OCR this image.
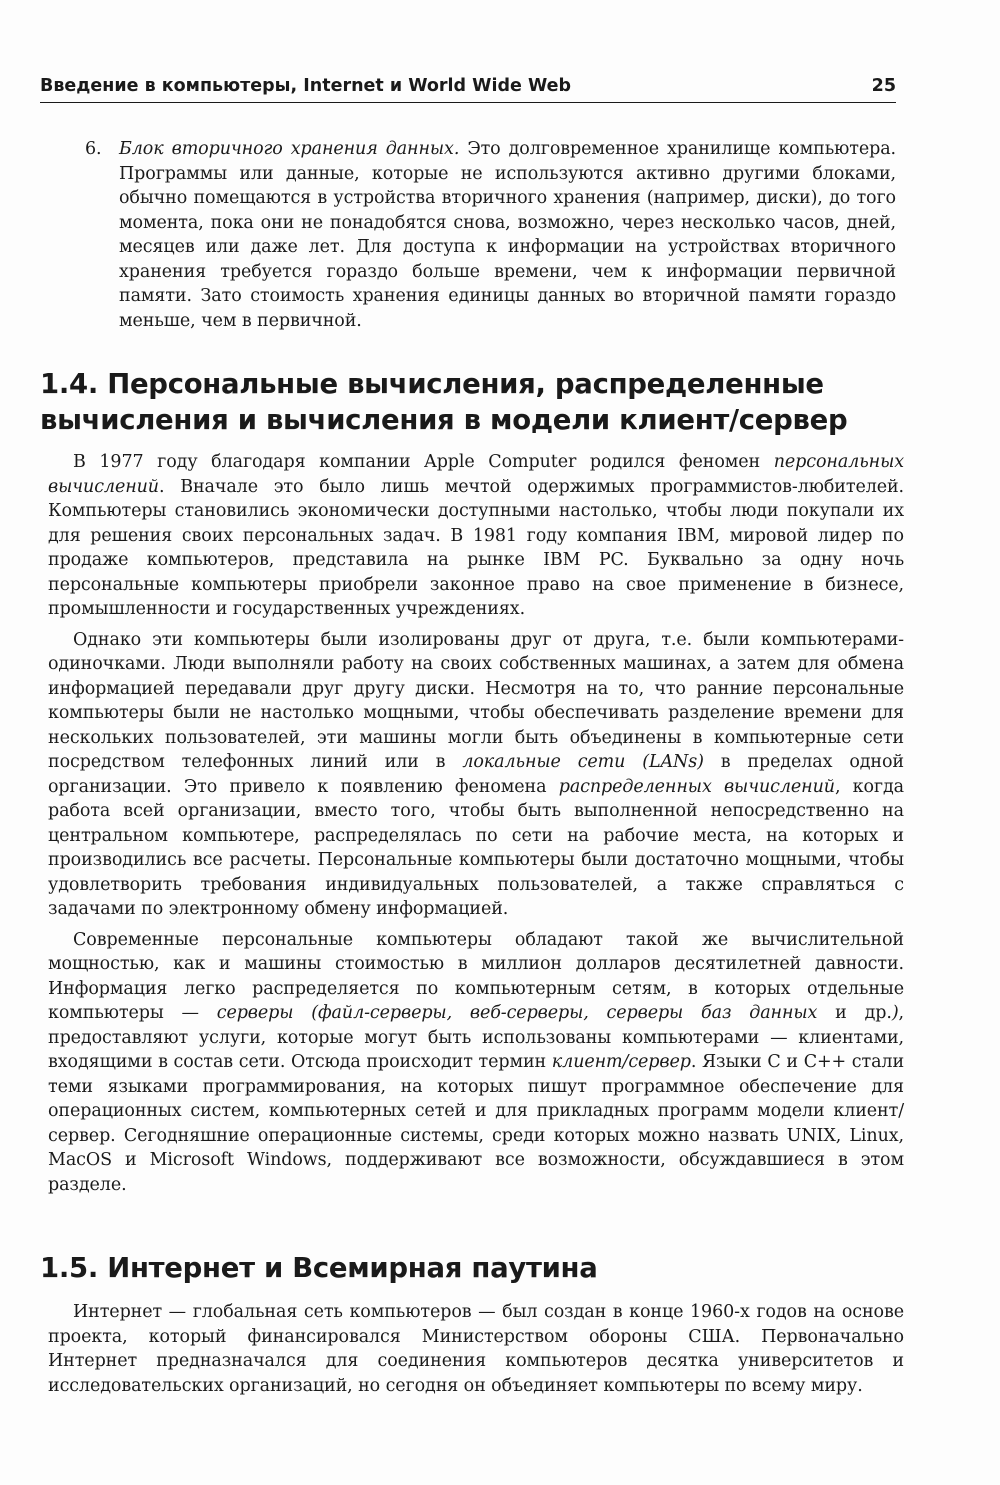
Введение в компьютеры, Internet и World Wide Web	25
6.	Блок вторичного хранения данных. Это долговременное хранилище компьютера. Программы или данные, которые не используются активно другими блоками, обычно помещаются в устройства вторичного хранения (например, диски), до того момента, пока они не понадобятся снова, возможно, через несколько часов, дней, месяцев или даже лет. Для доступа к информации на устройствах вторичного хранения требуется гораздо больше времени, чем к информации первичной памяти. Зато стоимость хранения единицы данных во вторичной памяти гораздо меньше, чем в первичной.
1.4. Персональные вычисления, распределенные
вычисления и вычисления в модели клиент/сервер

В 1977 году благодаря компании Apple Computer родился феномен персональных вычислений. Вначале это было лишь мечтой одержимых программистов-любителей. Компьютеры становились экономически доступными настолько, чтобы люди покупали их для решения своих персональных задач. В 1981 году компания IBM, мировой лидер по продаже компьютеров, представила на рынке IBM PC. Буквально за одну ночь персональные компьютеры приобрели законное право на свое применение в бизнесе, промышленности и государственных учреждениях.

Однако эти компьютеры были изолированы друг от друга, т.е. были компьютерами-одиночками. Люди выполняли работу на своих собственных машинах, а затем для обмена информацией передавали друг другу диски. Несмотря на то, что ранние персональные компьютеры были не настолько мощными, чтобы обеспечивать разделение времени для нескольких пользователей, эти машины могли быть объединены в компьютерные сети посредством телефонных линий или в локальные сети (LANs) в пределах одной организации. Это привело к появлению феномена распределенных вычислений, когда работа всей организации, вместо того, чтобы быть выполненной непосредственно на центральном компьютере, распределялась по сети на рабочие места, на которых и производились все расчеты. Персональные компьютеры были достаточно мощными, чтобы удовлетворить требования индивидуальных пользователей, а также справляться с задачами по электронному обмену информацией.

Современные персональные компьютеры обладают такой же вычислительной мощностью, как и машины стоимостью в миллион долларов десятилетней давности. Информация легко распределяется по компьютерным сетям, в которых отдельные компьютеры — серверы (файл-серверы, веб-серверы, серверы баз данных и др.), предоставляют услуги, которые могут быть использованы компьютерами — клиентами, входящими в состав сети. Отсюда происходит термин клиент/сервер. Языки C и C++ стали теми языками программирования, на которых пишут программное обеспечение для операционных систем, компьютерных сетей и для прикладных программ модели клиент/сервер. Сегодняшние операционные системы, среди которых можно назвать UNIX, Linux, MacOS и Microsoft Windows, поддерживают все возможности, обсуждавшиеся в этом разделе.

1.5. Интернет и Всемирная паутина

Интернет — глобальная сеть компьютеров — был создан в конце 1960-х годов на основе проекта, который финансировался Министерством обороны США. Первоначально Интернет предназначался для соединения компьютеров десятка университетов и исследовательских организаций, но сегодня он объединяет компьютеры по всему миру.
